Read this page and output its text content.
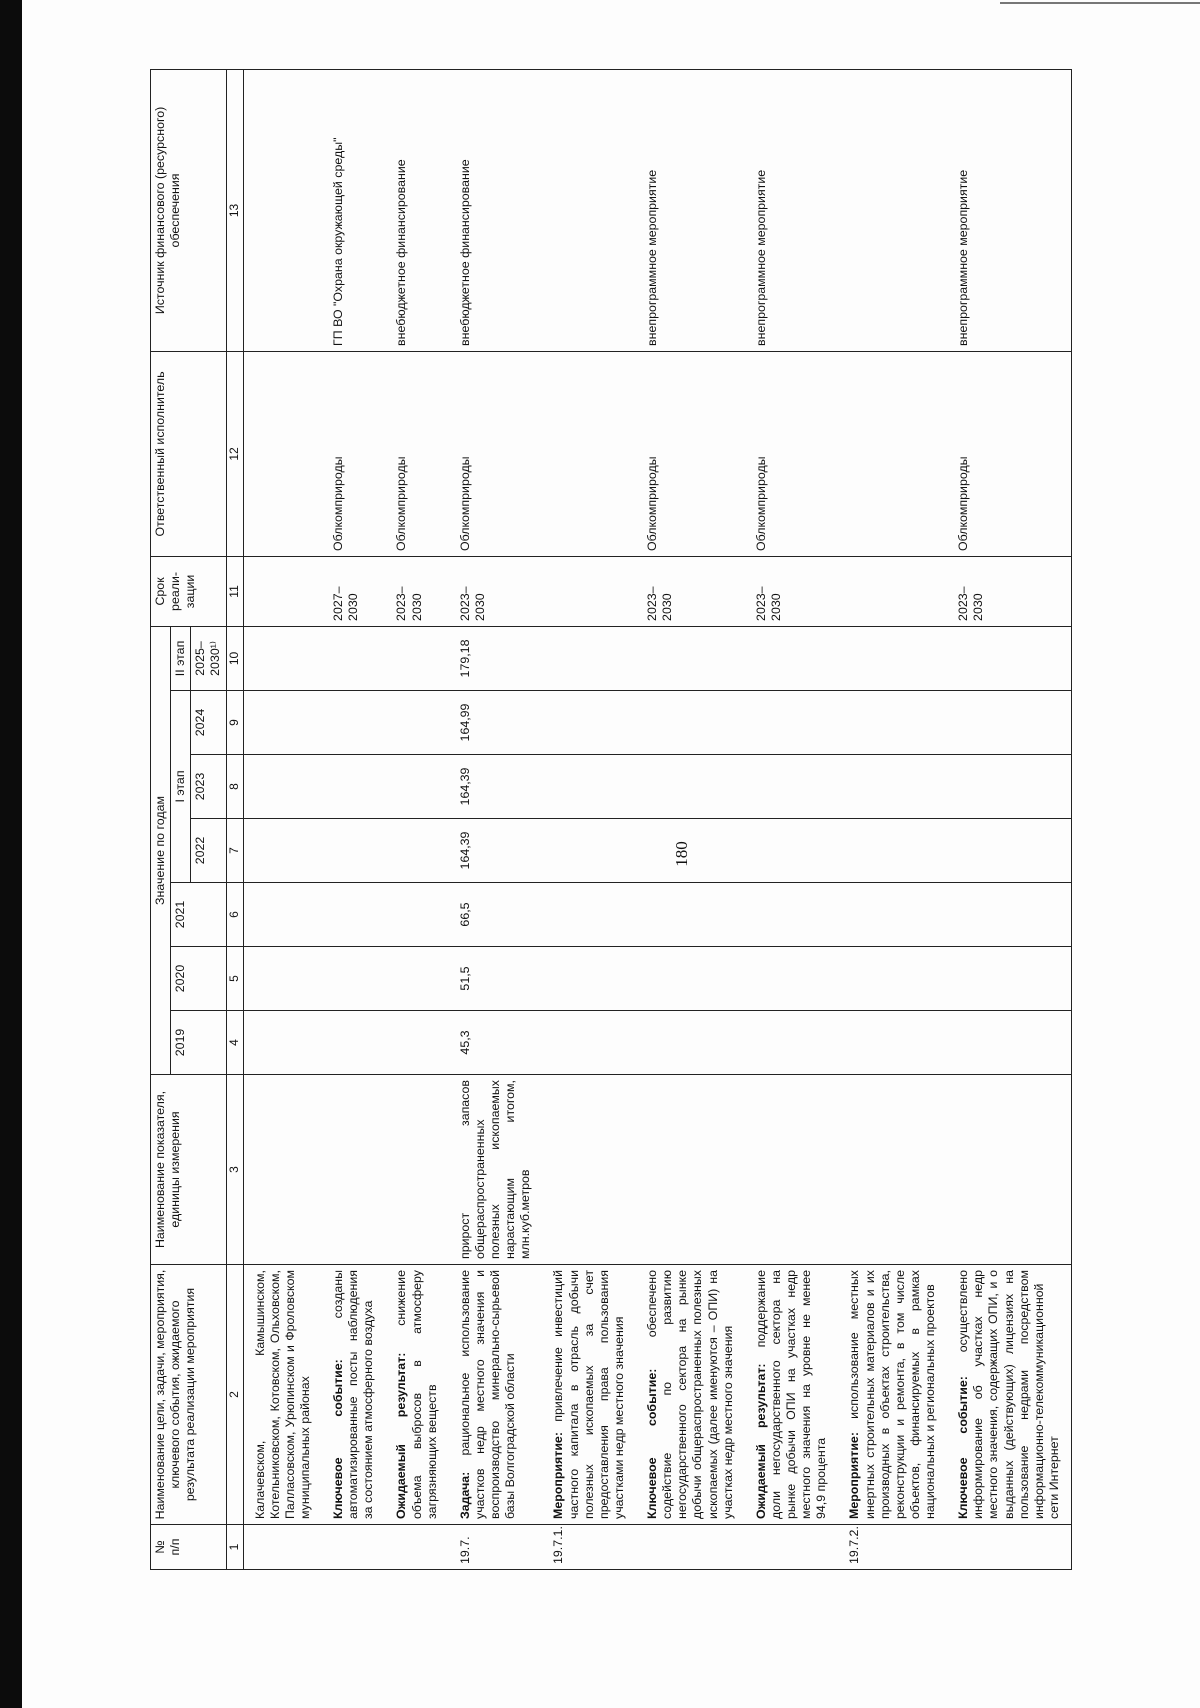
180
№
п/п	Наименование цели, задачи, мероприятия, ключевого события, ожидаемого результата реализации мероприятия	Наименование показателя, единицы измерения	Значение по годам							Срок реали-зации	Ответственный исполнитель	Источник финансового (ресурсного) обеспечения
			2019	2020	2021	I этап			II этап			
						2022	2023	2024	2025–2030¹⁾			
1	2	3	4	5	6	7	8	9	10	11	12	13
	Калачевском, Камышинском, Котельниковском, Котовском, Ольховском, Палласовском, Урюпинском и Фроловском муниципальных районах											
	Ключевое событие: созданы автоматизированные посты наблюдения за состоянием атмосферного воздуха									2027–2030	Облкомприроды	ГП ВО "Охрана окружающей среды"
	Ожидаемый результат: снижение объема выбросов в атмосферу загрязняющих веществ									2023–2030	Облкомприроды	внебюджетное финансирование
19.7.	Задача: рациональное использование участков недр местного значения и воспроизводство минерально-сырьевой базы Волгоградской области	прирост запасов общераспространенных полезных ископаемых нарастающим итогом, млн.куб.метров	45,3	51,5	66,5	164,39	164,39	164,99	179,18	2023–2030	Облкомприроды	внебюджетное финансирование
19.7.1.	Мероприятие: привлечение инвестиций частного капитала в отрасль добычи полезных ископаемых за счет предоставления права пользования участками недр местного значения											
	Ключевое событие: обеспечено содействие по развитию негосударственного сектора на рынке добычи общераспространенных полезных ископаемых (далее именуются – ОПИ) на участках недр местного значения									2023–2030	Облкомприроды	внепрограммное мероприятие
	Ожидаемый результат: поддержание доли негосударственного сектора на рынке добычи ОПИ на участках недр местного значения на уровне не менее 94,9 процента									2023–2030	Облкомприроды	внепрограммное мероприятие
19.7.2.	Мероприятие: использование местных инертных строительных материалов и их производных в объектах строительства, реконструкции и ремонта, в том числе объектов, финансируемых в рамках национальных и региональных проектов											
	Ключевое событие: осуществлено информирование об участках недр местного значения, содержащих ОПИ, и о выданных (действующих) лицензиях на пользование недрами посредством информационно-телекоммуникационной сети Интернет									2023–2030	Облкомприроды	внепрограммное мероприятие
